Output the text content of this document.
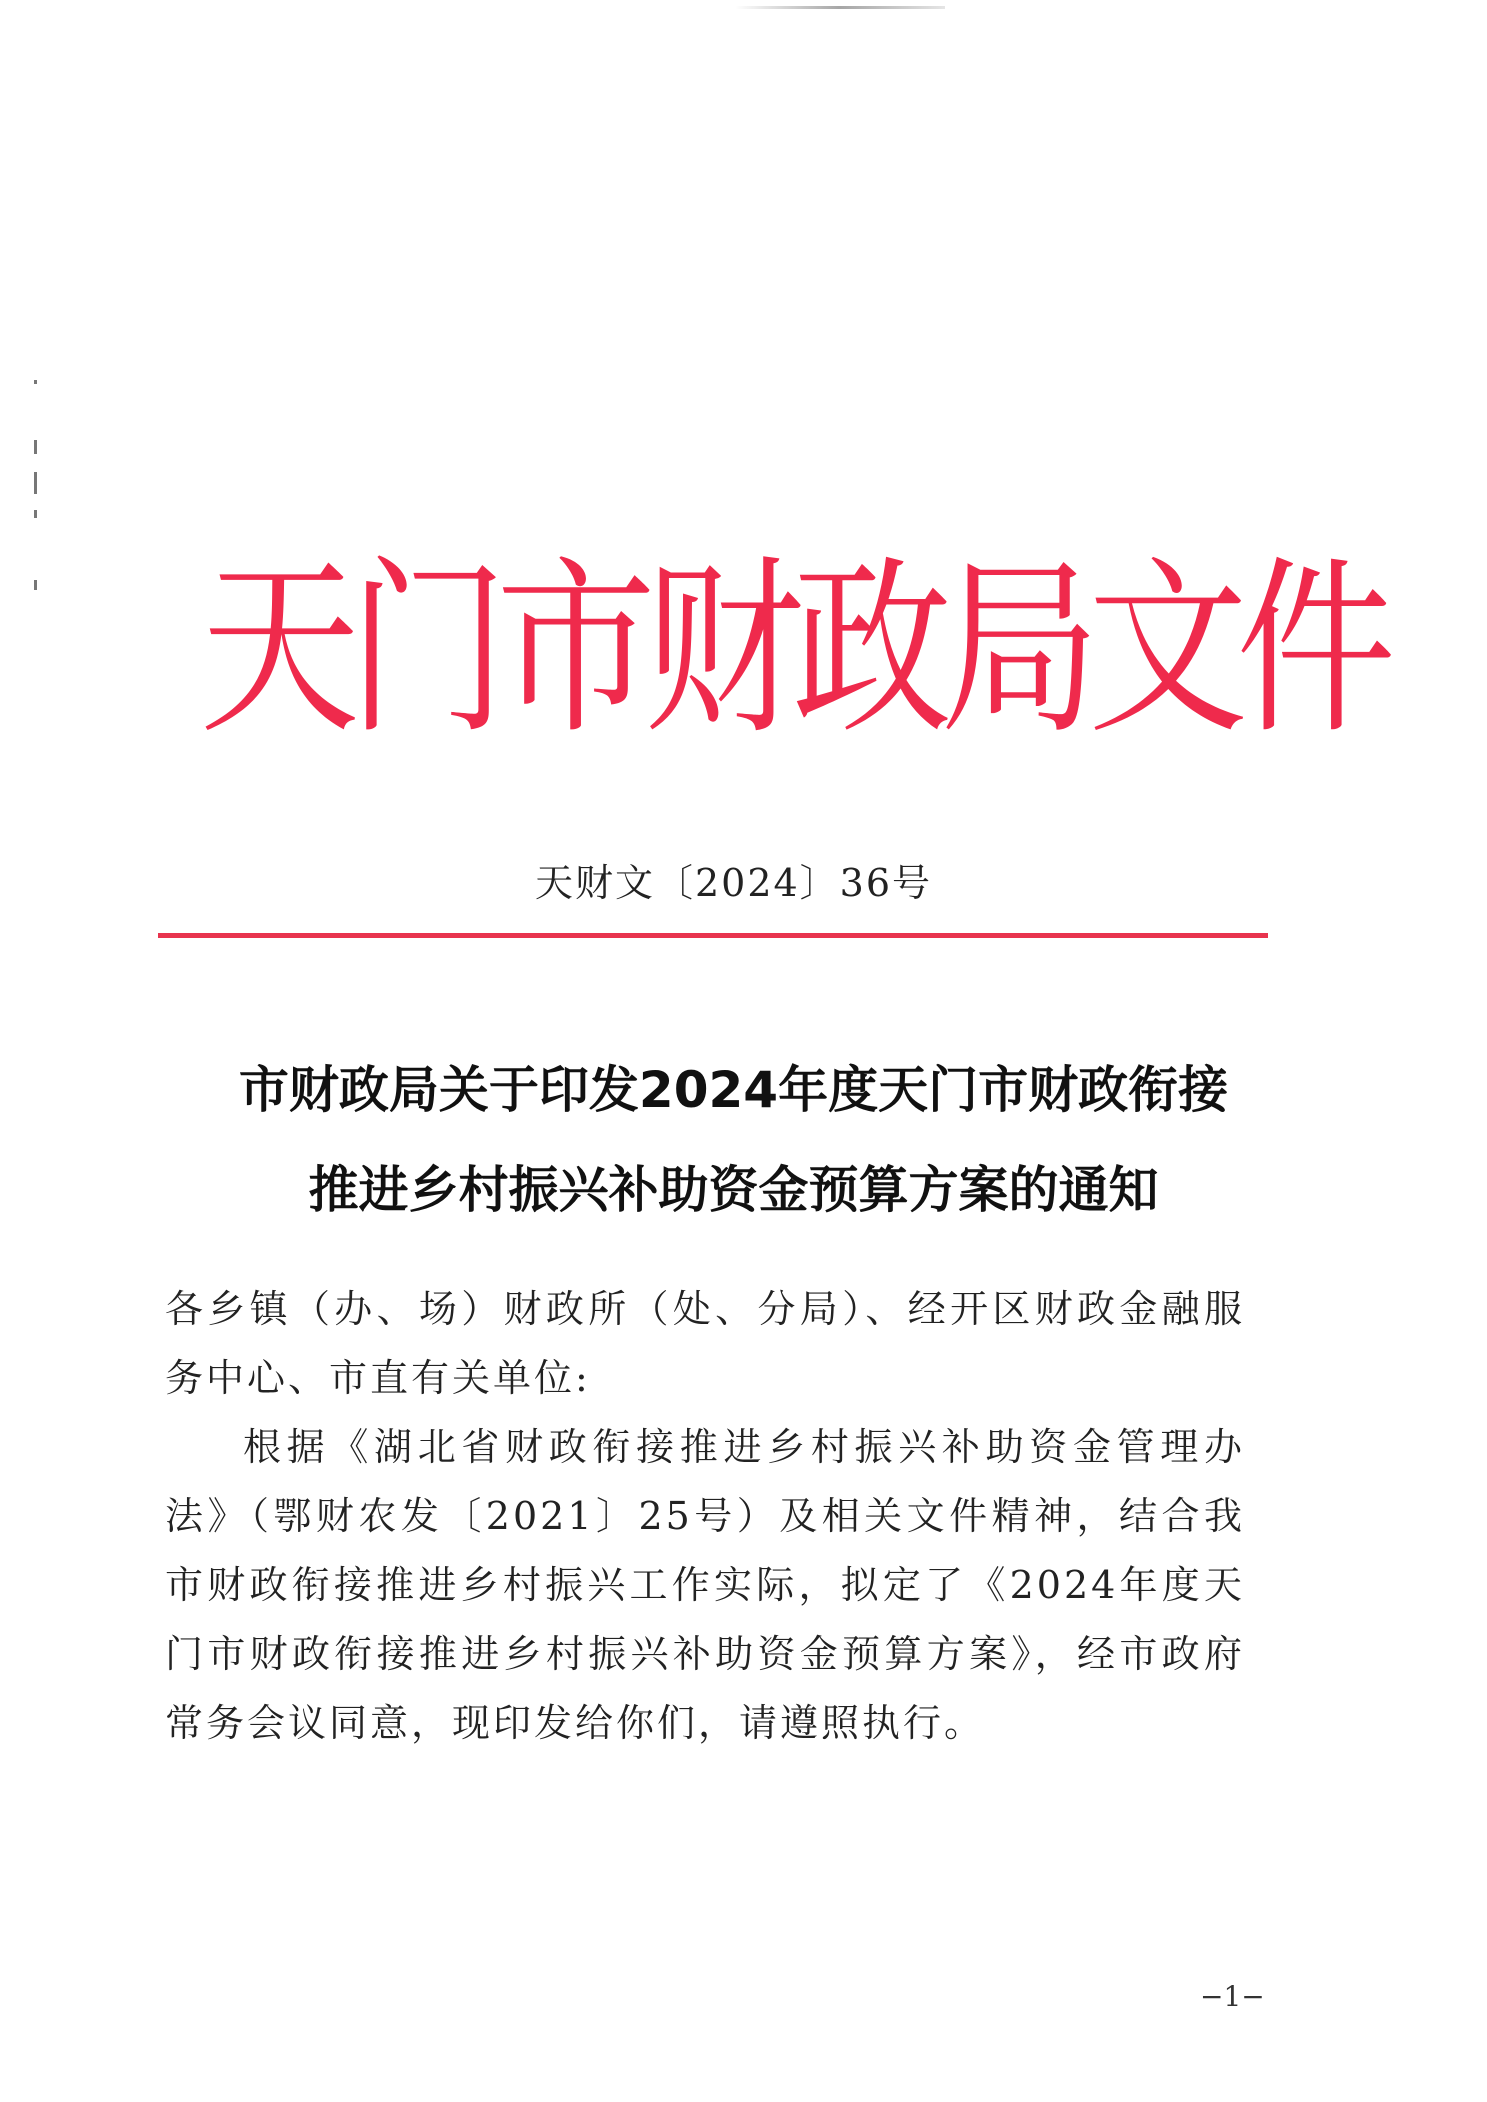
天门市财政局文件
天财文〔2024〕36号
市财政局关于印发2024年度天门市财政衔接
推进乡村振兴补助资金预算方案的通知

各乡镇（办、场）财政所（处、分局）、经开区财政金融服务中心、市直有关单位:

根据《湖北省财政衔接推进乡村振兴补助资金管理办法》（鄂财农发〔2021〕25号）及相关文件精神，结合我市财政衔接推进乡村振兴工作实际，拟定了《2024年度天门市财政衔接推进乡村振兴补助资金预算方案》，经市政府常务会议同意，现印发给你们，请遵照执行。

−1−
